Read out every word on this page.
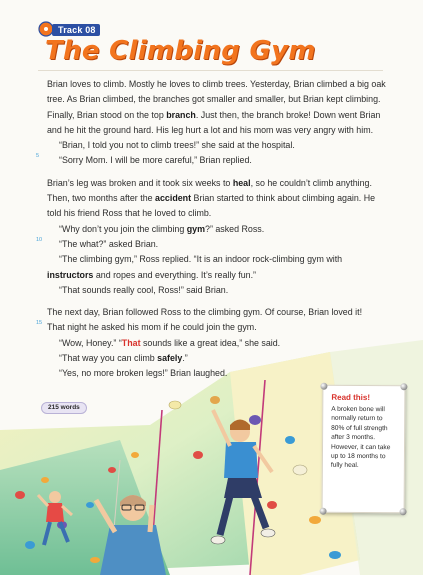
Track 08
The Climbing Gym
5
10
15

Brian loves to climb. Mostly he loves to climb trees. Yesterday, Brian climbed a big oak

tree. As Brian climbed, the branches got smaller and smaller, but Brian kept climbing.

Finally, Brian stood on the top branch. Just then, the branch broke! Down went Brian

and he hit the ground hard. His leg hurt a lot and his mom was very angry with him.

“Brian, I told you not to climb trees!” she said at the hospital.

“Sorry Mom. I will be more careful,” Brian replied.

Brian’s leg was broken and it took six weeks to heal, so he couldn’t climb anything.

Then, two months after the accident Brian started to think about climbing again. He

told his friend Ross that he loved to climb.

“Why don’t you join the climbing gym?” asked Ross.

“The what?” asked Brian.

“The climbing gym,” Ross replied. “It is an indoor rock-climbing gym with

instructors and ropes and everything. It’s really fun.”

“That sounds really cool, Ross!” said Brian.

The next day, Brian followed Ross to the climbing gym. Of course, Brian loved it!

That night he asked his mom if he could join the gym.

“Wow, Honey.” “That sounds like a great idea,” she said.

“That way you can climb safely.”

“Yes, no more broken legs!” Brian laughed.

215 words
Read this!
A broken bone will
normally return to
80% of full strength
after 3 months.
However, it can take
up to 18 months to
fully heal.
